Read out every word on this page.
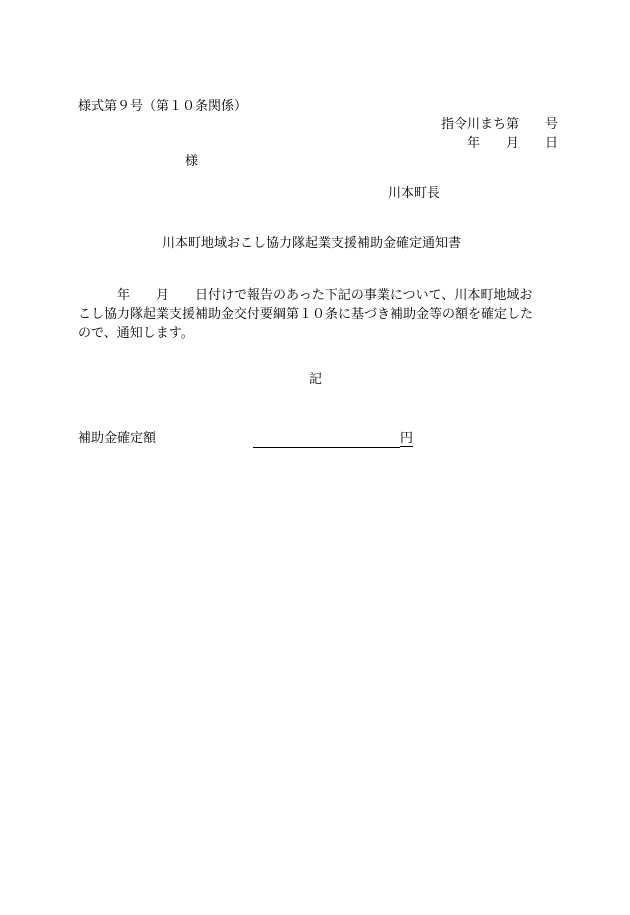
様式第９号（第１０条関係）

指令川まち第　　号

年　　月　　日

様

川本町長

川本町地域おこし協力隊起業支援補助金確定通知書

　　　年　　月　　日付けで報告のあった下記の事業について、川本町地域お
こし協力隊起業支援補助金交付要綱第１０条に基づき補助金等の額を確定した
ので、通知します。

記

補助金確定額	円
